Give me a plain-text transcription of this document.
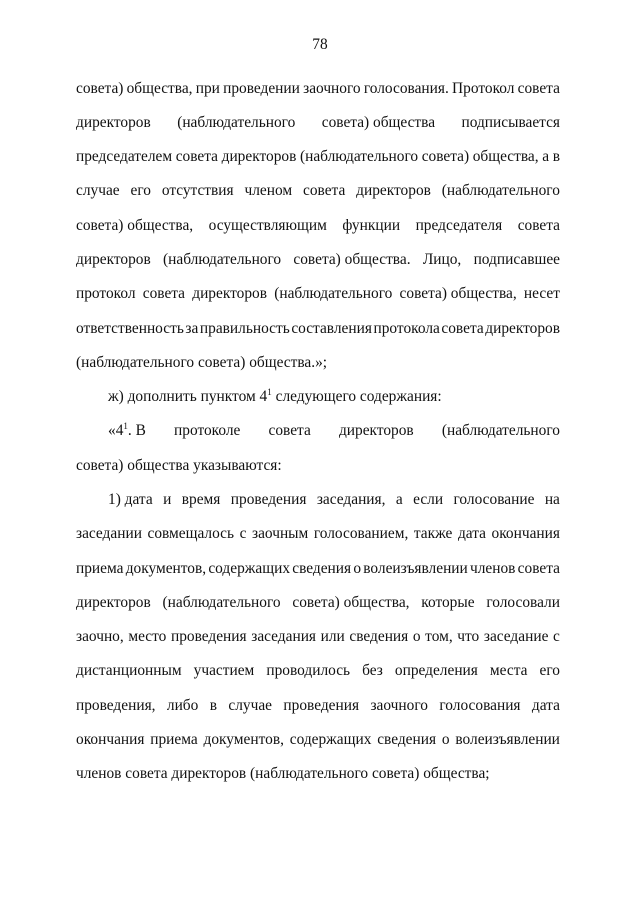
78
совета) общества, при проведении заочного голосования. Протокол совета
директоров (наблюдательного совета) общества подписывается
председателем совета директоров (наблюдательного совета) общества, а в
случае его отсутствия членом совета директоров (наблюдательного
совета) общества, осуществляющим функции председателя совета
директоров (наблюдательного совета) общества. Лицо, подписавшее
протокол совета директоров (наблюдательного совета) общества, несет
ответственность за правильность составления протокола совета директоров
(наблюдательного совета) общества.»;
ж) дополнить пунктом $4^1$ следующего содержания:
«$4^1$. В протоколе совета директоров (наблюдательного
совета) общества указываются:
1) дата и время проведения заседания, а если голосование на
заседании совмещалось с заочным голосованием, также дата окончания
приема документов, содержащих сведения о волеизъявлении членов совета
директоров (наблюдательного совета) общества, которые голосовали
заочно, место проведения заседания или сведения о том, что заседание с
дистанционным участием проводилось без определения места его
проведения, либо в случае проведения заочного голосования дата
окончания приема документов, содержащих сведения о волеизъявлении
членов совета директоров (наблюдательного совета) общества;
